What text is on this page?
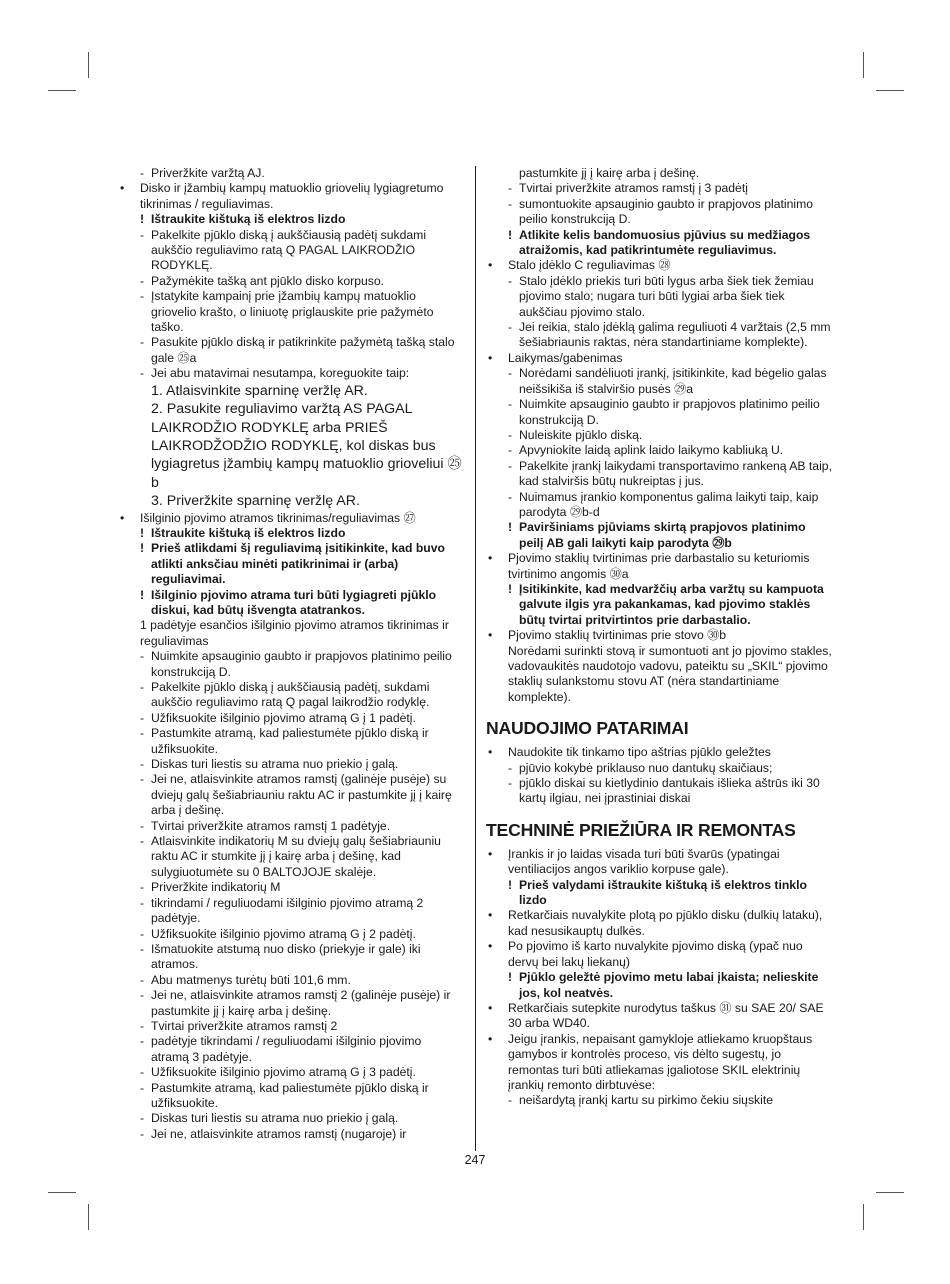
- Priveržkite varžtą AJ.
• Disko ir įžambių kampų matuoklio griovelių lygiagretumo tikrinimas / reguliavimas.
! Ištraukite kištuką iš elektros lizdo
- Pakelkite pjūklo diską į aukščiausią padėtį sukdami aukščio reguliavimo ratą Q PAGAL LAIKRODŽIO RODYKLĘ.
- Pažymėkite tašką ant pjūklo disko korpuso.
- Įstatykite kampainį prie įžambių kampų matuoklio griovelio krašto, o liniuotę priglauskite prie pažymėto taško.
- Pasukite pjūklo diską ir patikrinkite pažymėtą tašką stalo gale ㉕a
- Jei abu matavimai nesutampa, koreguokite taip:
1. Atlaisvinkite sparninę veržlę AR.
2. Pasukite reguliavimo varžtą AS PAGAL LAIKRODŽIO RODYKLĘ arba PRIEŠ LAIKRODŽODŽIO RODYKLĘ, kol diskas bus lygiagretus įžambių kampų matuoklio grioveliui ㉕b
3. Priveržkite sparninę veržlę AR.
• Išilginio pjovimo atramos tikrinimas/reguliavimas ㉗
! Ištraukite kištuką iš elektros lizdo
! Prieš atlikdami šį reguliavimą įsitikinkite, kad buvo atlikti anksčiau minėti patikrinimai ir (arba) reguliavimai.
! Išilginio pjovimo atrama turi būti lygiagreti pjūklo diskui, kad būtų išvengta atatrankos.
1 padėtyje esančios išilginio pjovimo atramos tikrinimas ir reguliavimas
- Nuimkite apsauginio gaubto ir prapjovos platinimo peilio konstrukciją D.
- Pakelkite pjūklo diską į aukščiausią padėtį, sukdami aukščio reguliavimo ratą Q pagal laikrodžio rodyklę.
- Užfiksuokite išilginio pjovimo atramą G į 1 padėtį.
- Pastumkite atramą, kad paliestumėte pjūklo diską ir užfiksuokite.
- Diskas turi liestis su atrama nuo priekio į galą.
- Jei ne, atlaisvinkite atramos ramstį (galinėje pusėje) su dviejų galų šešiabriauniu raktu AC ir pastumkite jį į kairę arba į dešinę.
- Tvirtai priveržkite atramos ramstį 1 padėtyje.
- Atlaisvinkite indikatorių M su dviejų galų šešiabriauniu raktu AC ir stumkite jį į kairę arba į dešinę, kad sulygiuotumėte su 0 BALTOJOJE skalėje.
- Priveržkite indikatorių M
- tikrindami / reguliuodami išilginio pjovimo atramą 2 padėtyje.
- Užfiksuokite išilginio pjovimo atramą G į 2 padėtį.
- Išmatuokite atstumą nuo disko (priekyje ir gale) iki atramos.
- Abu matmenys turėtų būti 101,6 mm.
- Jei ne, atlaisvinkite atramos ramstį 2 (galinėje pusėje) ir pastumkite jį į kairę arba į dešinę.
- Tvirtai priveržkite atramos ramstį 2
- padėtyje tikrindami / reguliuodami išilginio pjovimo atramą 3 padėtyje.
- Užfiksuokite išilginio pjovimo atramą G į 3 padėtį.
- Pastumkite atramą, kad paliestumėte pjūklo diską ir užfiksuokite.
- Diskas turi liestis su atrama nuo priekio į galą.
- Jei ne, atlaisvinkite atramos ramstį (nugaroje) ir
pastumkite jį į kairę arba į dešinę.
- Tvirtai priveržkite atramos ramstį į 3 padėtį
- sumontuokite apsauginio gaubto ir prapjovos platinimo peilio konstrukciją D.
! Atlikite kelis bandomuosius pjūvius su medžiagos atraižomis, kad patikrintumėte reguliavimus.
• Stalo įdėklo C reguliavimas ㉘
- Stalo įdėklo priekis turi būti lygus arba šiek tiek žemiau pjovimo stalo; nugara turi būti lygiai arba šiek tiek aukščiau pjovimo stalo.
- Jei reikia, stalo įdėklą galima reguliuoti 4 varžtais (2,5 mm šešiabriaunis raktas, nėra standartiniame komplekte).
• Laikymas/gabenimas
- Norėdami sandėliuoti įrankį, įsitikinkite, kad bėgelio galas neišsikiša iš stalviršio pusės ㉙a
- Nuimkite apsauginio gaubto ir prapjovos platinimo peilio konstrukciją D.
- Nuleiskite pjūklo diską.
- Apvyniokite laidą aplink laido laikymo kabliuką U.
- Pakelkite įrankį laikydami transportavimo rankeną AB taip, kad stalviršis būtų nukreiptas į jus.
- Nuimamus įrankio komponentus galima laikyti taip, kaip parodyta ㉙b-d
! Paviršiniams pjūviams skirtą prapjovos platinimo peilį AB gali laikyti kaip parodyta ㉙b
• Pjovimo staklių tvirtinimas prie darbastalio su keturiomis tvirtinimo angomis ㉚a
! Įsitikinkite, kad medvaržčių arba varžtų su kampuota galvute ilgis yra pakankamas, kad pjovimo staklės būtų tvirtai pritvirtintos prie darbastalio.
• Pjovimo staklių tvirtinimas prie stovo ㉚b
Norėdami surinkti stovą ir sumontuoti ant jo pjovimo stakles, vadovaukitės naudotojo vadovu, pateiktu su „SKIL“ pjovimo staklių sulankstomu stovu AT (nėra standartiniame komplekte).
NAUDOJIMO PATARIMAI
• Naudokite tik tinkamo tipo aštrias pjūklo geležtes
- pjūvio kokybė priklauso nuo dantukų skaičiaus;
- pjūklo diskai su kietlydinio dantukais išlieka aštrūs iki 30 kartų ilgiau, nei įprastiniai diskai
TECHNINĖ PRIEŽIŪRA IR REMONTAS
• Įrankis ir jo laidas visada turi būti švarūs (ypatingai ventiliacijos angos variklio korpuse gale).
! Prieš valydami ištraukite kištuką iš elektros tinklo lizdo
• Retkarčiais nuvalykite plotą po pjūklo disku (dulkių lataku), kad nesusikauptų dulkės.
• Po pjovimo iš karto nuvalykite pjovimo diską (ypač nuo dervų bei lakų liekanų)
! Pjūklo geležtė pjovimo metu labai įkaista; nelieskite jos, kol neatvės.
• Retkarčiais sutepkite nurodytus taškus ㉛ su SAE 20/ SAE 30 arba WD40.
• Jeigu įrankis, nepaisant gamykloje atliekamo kruopštaus gamybos ir kontrolės proceso, vis dėlto sugestų, jo remontas turi būti atliekamas įgaliotose SKIL elektrinių įrankių remonto dirbtuvėse:
- neišardytą įrankį kartu su pirkimo čekiu siųskite
247
